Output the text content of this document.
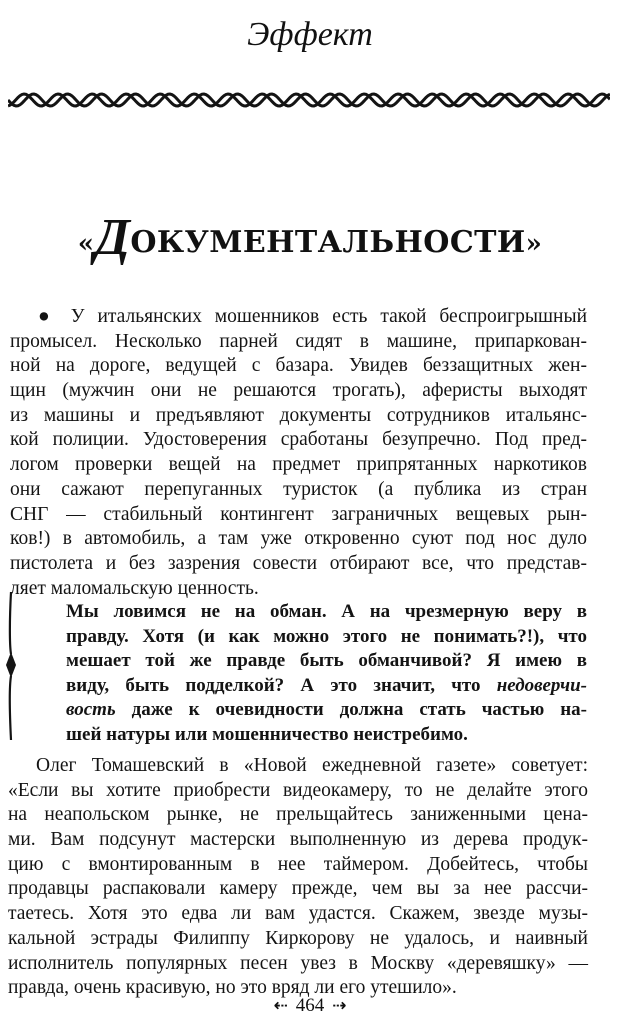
Эффект
«ДОКУМЕНТАЛЬНОСТИ»
● У итальянских мошенников есть такой беспроигрышный
промысел. Несколько парней сидят в машине, припаркован-
ной на дороге, ведущей с базара. Увидев беззащитных жен-
щин (мужчин они не решаются трогать), аферисты выходят
из машины и предъявляют документы сотрудников итальянс-
кой полиции. Удостоверения сработаны безупречно. Под пред-
логом проверки вещей на предмет припрятанных наркотиков
они сажают перепуганных туристок (а публика из стран
СНГ — стабильный контингент заграничных вещевых рын-
ков!) в автомобиль, а там уже откровенно суют под нос дуло
пистолета и без зазрения совести отбирают все, что представ-
ляет маломальскую ценность.
Мы ловимся не на обман. А на чрезмерную веру в
правду. Хотя (и как можно этого не понимать?!), что
мешает той же правде быть обманчивой? Я имею в
виду, быть подделкой? А это значит, что недоверчи-
вость даже к очевидности должна стать частью на-
шей натуры или мошенничество неистребимо.
Олег Томашевский в «Новой ежедневной газете» советует:
«Если вы хотите приобрести видеокамеру, то не делайте этого
на неапольском рынке, не прельщайтесь заниженными цена-
ми. Вам подсунут мастерски выполненную из дерева продук-
цию с вмонтированным в нее таймером. Добейтесь, чтобы
продавцы распаковали камеру прежде, чем вы за нее рассчи-
таетесь. Хотя это едва ли вам удастся. Скажем, звезде музы-
кальной эстрады Филиппу Киркорову не удалось, и наивный
исполнитель популярных песен увез в Москву «деревяшку» —
правда, очень красивую, но это вряд ли его утешило».
⇠ 464 ⇢
